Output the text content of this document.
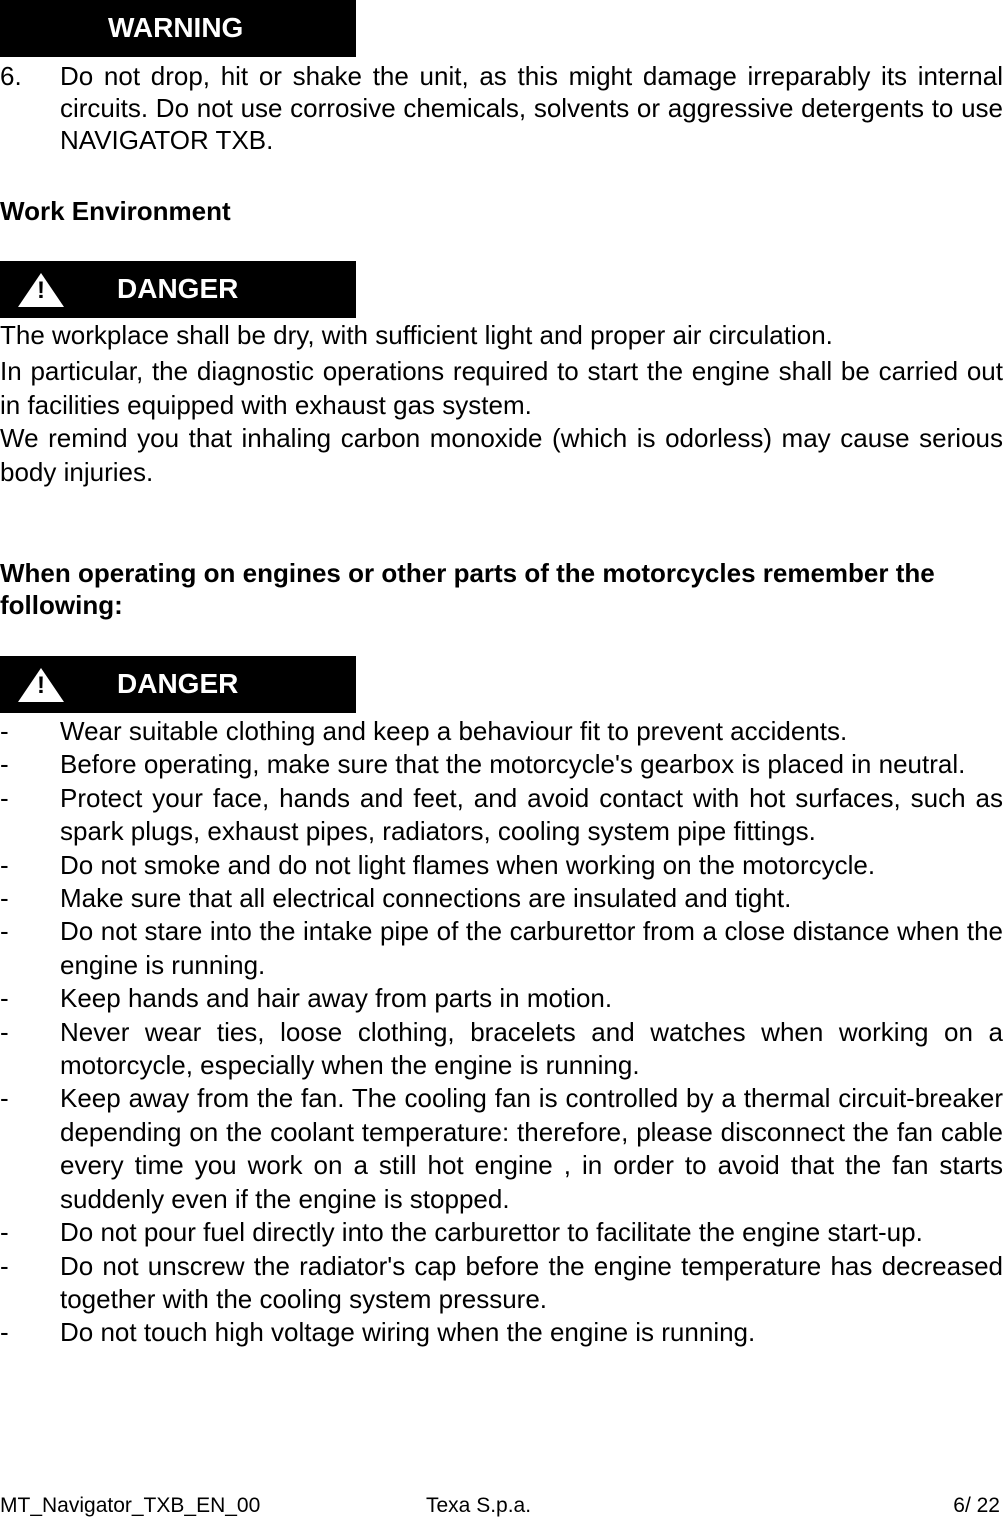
WARNING
6. Do not drop, hit or shake the unit, as this might damage irreparably its internal circuits. Do not use corrosive chemicals, solvents or aggressive detergents to use NAVIGATOR TXB.
Work Environment
!	DANGER
The workplace shall be dry, with sufficient light and proper air circulation.
In particular, the diagnostic operations required to start the engine shall be carried out in facilities equipped with exhaust gas system.
We remind you that inhaling carbon monoxide (which is odorless) may cause serious body injuries.
When operating on engines or other parts of the motorcycles remember the following:
!	DANGER
- Wear suitable clothing and keep a behaviour fit to prevent accidents.
- Before operating, make sure that the motorcycle's gearbox is placed in neutral.
- Protect your face, hands and feet, and avoid contact with hot surfaces, such as spark plugs, exhaust pipes, radiators, cooling system pipe fittings.
- Do not smoke and do not light flames when working on the motorcycle.
- Make sure that all electrical connections are insulated and tight.
- Do not stare into the intake pipe of the carburettor from a close distance when the engine is running.
- Keep hands and hair away from parts in motion.
- Never wear ties, loose clothing, bracelets and watches when working on a motorcycle, especially when the engine is running.
- Keep away from the fan. The cooling fan is controlled by a thermal circuit-breaker depending on the coolant temperature: therefore, please disconnect the fan cable every time you work on a still hot engine , in order to avoid that the fan starts suddenly even if the engine is stopped.
- Do not pour fuel directly into the carburettor to facilitate the engine start-up.
- Do not unscrew the radiator's cap before the engine temperature has decreased together with the cooling system pressure.
- Do not touch high voltage wiring when the engine is running.
MT_Navigator_TXB_EN_00	Texa S.p.a.	6/ 22
